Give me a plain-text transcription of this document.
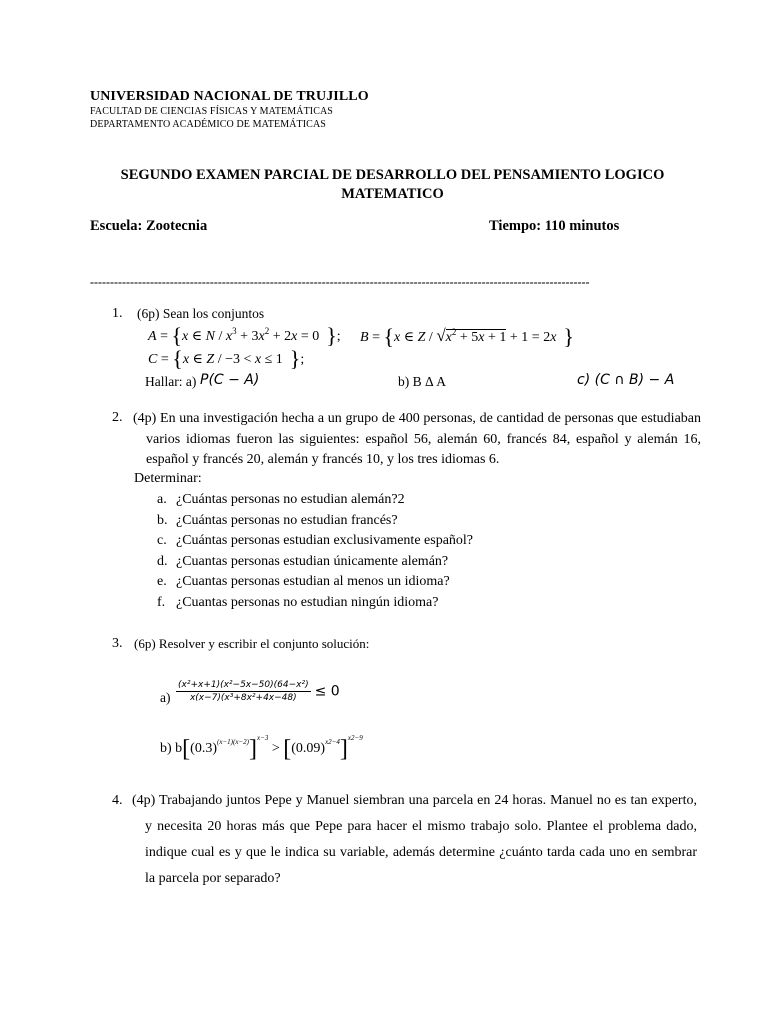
UNIVERSIDAD NACIONAL DE TRUJILLO
FACULTAD DE CIENCIAS FÍSICAS Y MATEMÁTICAS
DEPARTAMENTO ACADÉMICO DE MATEMÁTICAS
SEGUNDO EXAMEN PARCIAL DE DESARROLLO DEL PENSAMIENTO LOGICO
MATEMATICO
Escuela: Zootecnia	Tiempo: 110 minutos
-----------------------------------------------------------------------------------------------------------------------------
1. (6p) Sean los conjuntos
A = {x ∈ $N / x^3 + 3x^2 + 2x = 0$  }; B = {x ∈ $Z / √x^2 + 5x + 1 + 1 = 2x$ }
C = {x ∈ Z / −3 < x ≤ 1  };
Hallar: a) P(C − A)	b) B Δ A	c) (C ∩ B) − A
2. (4p) En una investigación hecha a un grupo de 400 personas, de cantidad de personas que estudiaban varios idiomas fueron las siguientes: español 56, alemán 60, francés 84, español y alemán 16, español y francés 20, alemán y francés 10, y los tres idiomas 6.
Determinar:
a. ¿Cuántas personas no estudian alemán?2
b. ¿Cuántas personas no estudian francés?
c. ¿Cuántas personas estudian exclusivamente español?
d. ¿Cuantas personas estudian únicamente alemán?
e. ¿Cuantas personas estudian al menos un idioma?
f. ¿Cuantas personas no estudian ningún idioma?
3. (6p) Resolver y escribir el conjunto solución:
$a) \frac{\text{(x²+x+1)(x²−5x−50)(64−x²)}}{\text{x(x−7)(x³+8x²+4x−48)}} \le 0$
b) $b[(0.3)^{(x-1)(x-2)}]^{x-3} > [(0.09)^{x2-4}]^{x2-9}$
4. (4p) Trabajando juntos Pepe y Manuel siembran una parcela en 24 horas. Manuel no es tan experto, y necesita 20 horas más que Pepe para hacer el mismo trabajo solo. Plantee el problema dado, indique cual es y que le indica su variable, además determine ¿cuánto tarda cada uno en sembrar la parcela por separado?
